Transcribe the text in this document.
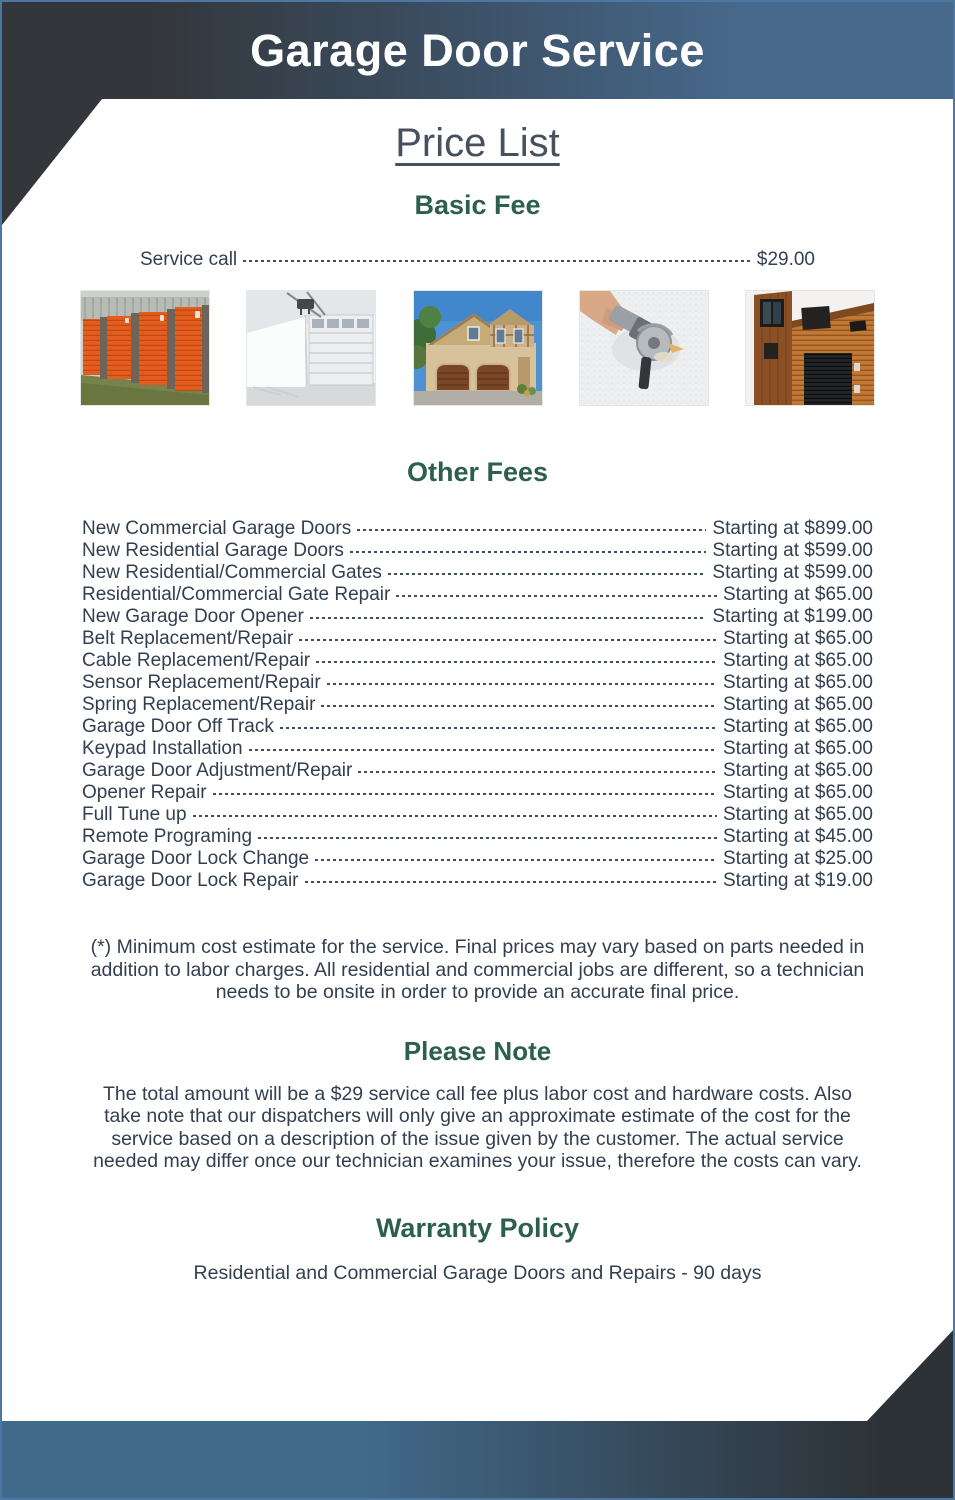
Garage Door Service
Price List
Basic Fee
Service call	$29.00
Other Fees
New Commercial Garage Doors	Starting at $899.00
New Residential Garage Doors	Starting at $599.00
New Residential/Commercial Gates	Starting at $599.00
Residential/Commercial Gate Repair	Starting at $65.00
New Garage Door Opener	Starting at $199.00
Belt Replacement/Repair	Starting at $65.00
Cable Replacement/Repair	Starting at $65.00
Sensor Replacement/Repair	Starting at $65.00
Spring Replacement/Repair	Starting at $65.00
Garage Door Off Track	Starting at $65.00
Keypad Installation	Starting at $65.00
Garage Door Adjustment/Repair	Starting at $65.00
Opener Repair	Starting at $65.00
Full Tune up	Starting at $65.00
Remote Programing	Starting at $45.00
Garage Door Lock Change	Starting at $25.00
Garage Door Lock Repair	Starting at $19.00

(*) Minimum cost estimate for the service. Final prices may vary based on parts needed in addition to labor charges. All residential and commercial jobs are different, so a technician needs to be onsite in order to provide an accurate final price.

Please Note

The total amount will be a $29 service call fee plus labor cost and hardware costs. Also take note that our dispatchers will only give an approximate estimate of the cost for the service based on a description of the issue given by the customer. The actual service needed may differ once our technician examines your issue, therefore the costs can vary.

Warranty Policy

Residential and Commercial Garage Doors and Repairs - 90 days
